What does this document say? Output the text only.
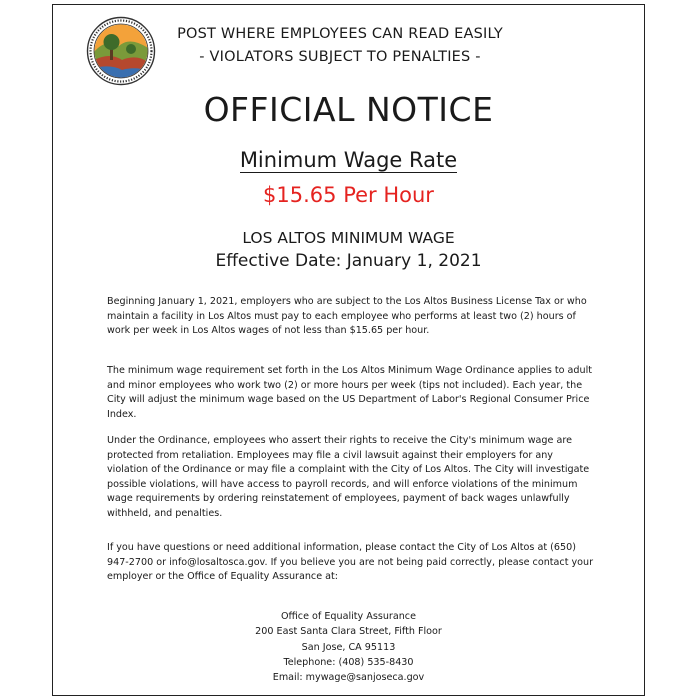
POST WHERE EMPLOYEES CAN READ EASILY
- VIOLATORS SUBJECT TO PENALTIES -
OFFICIAL NOTICE
Minimum Wage Rate
$15.65 Per Hour
LOS ALTOS MINIMUM WAGE
Effective Date: January 1, 2021

Beginning January 1, 2021, employers who are subject to the Los Altos Business License Tax or who maintain a facility in Los Altos must pay to each employee who performs at least two (2) hours of work per week in Los Altos wages of not less than $15.65 per hour.

The minimum wage requirement set forth in the Los Altos Minimum Wage Ordinance applies to adult and minor employees who work two (2) or more hours per week (tips not included). Each year, the City will adjust the minimum wage based on the US Department of Labor's Regional Consumer Price Index.

Under the Ordinance, employees who assert their rights to receive the City's minimum wage are protected from retaliation. Employees may file a civil lawsuit against their employers for any violation of the Ordinance or may file a complaint with the City of Los Altos. The City will investigate possible violations, will have access to payroll records, and will enforce violations of the minimum wage requirements by ordering reinstatement of employees, payment of back wages unlawfully withheld, and penalties.

If you have questions or need additional information, please contact the City of Los Altos at (650) 947-2700 or info@losaltosca.gov. If you believe you are not being paid correctly, please contact your employer or the Office of Equality Assurance at:

Office of Equality Assurance
200 East Santa Clara Street, Fifth Floor
San Jose, CA 95113
Telephone: (408) 535-8430
Email: mywage@sanjoseca.gov
